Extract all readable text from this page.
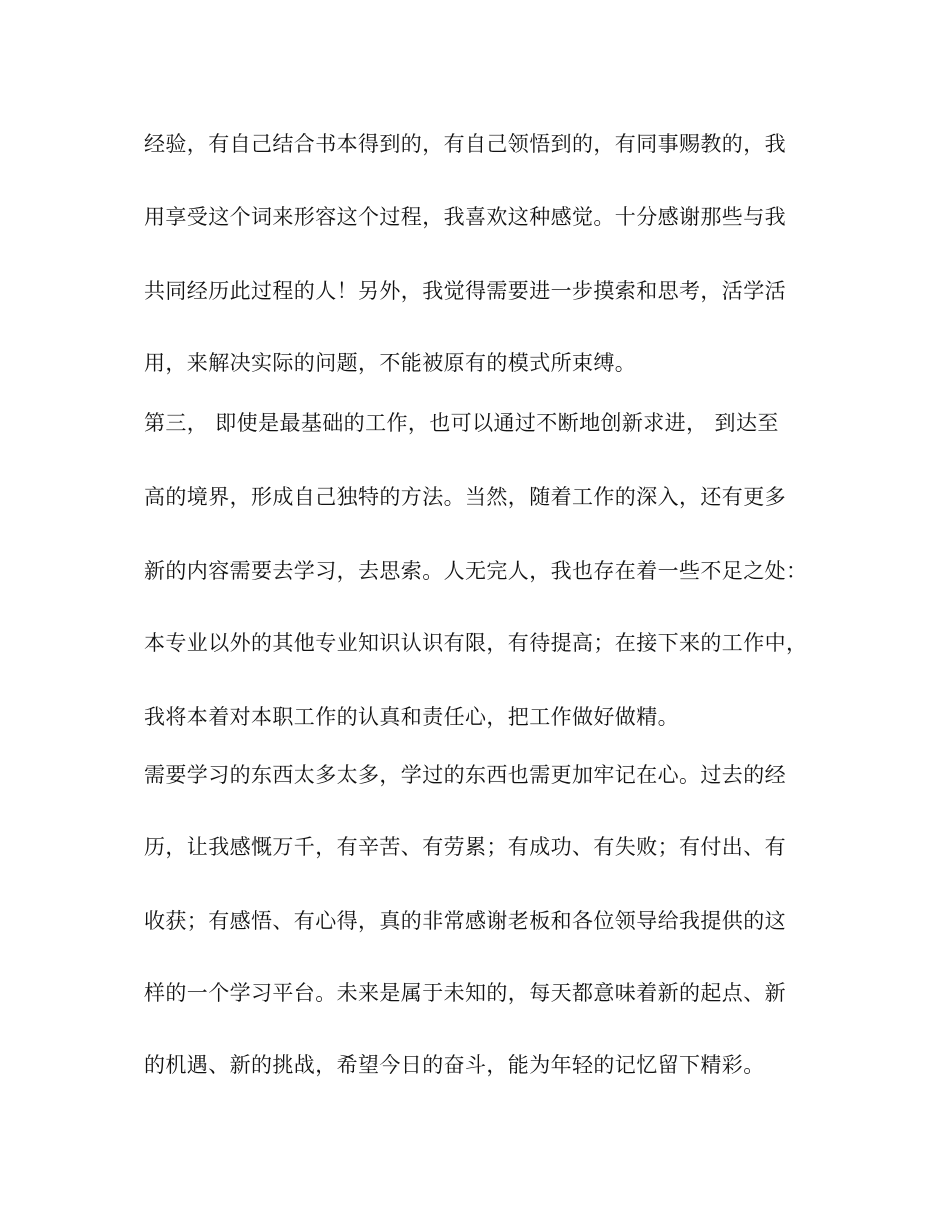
经验，有自己结合书本得到的，有自己领悟到的，有同事赐教的，我
用享受这个词来形容这个过程，我喜欢这种感觉。十分感谢那些与我
共同经历此过程的人！另外，我觉得需要进一步摸索和思考，活学活
用，来解决实际的问题，不能被原有的模式所束缚。
第三， 即使是最基础的工作，也可以通过不断地创新求进， 到达至
高的境界，形成自己独特的方法。当然，随着工作的深入，还有更多
新的内容需要去学习，去思索。人无完人，我也存在着一些不足之处：
本专业以外的其他专业知识认识有限，有待提高；在接下来的工作中，
我将本着对本职工作的认真和责任心，把工作做好做精。
需要学习的东西太多太多，学过的东西也需更加牢记在心。过去的经
历，让我感慨万千，有辛苦、有劳累；有成功、有失败；有付出、有
收获；有感悟、有心得，真的非常感谢老板和各位领导给我提供的这
样的一个学习平台。未来是属于未知的，每天都意味着新的起点、新
的机遇、新的挑战，希望今日的奋斗，能为年轻的记忆留下精彩。
